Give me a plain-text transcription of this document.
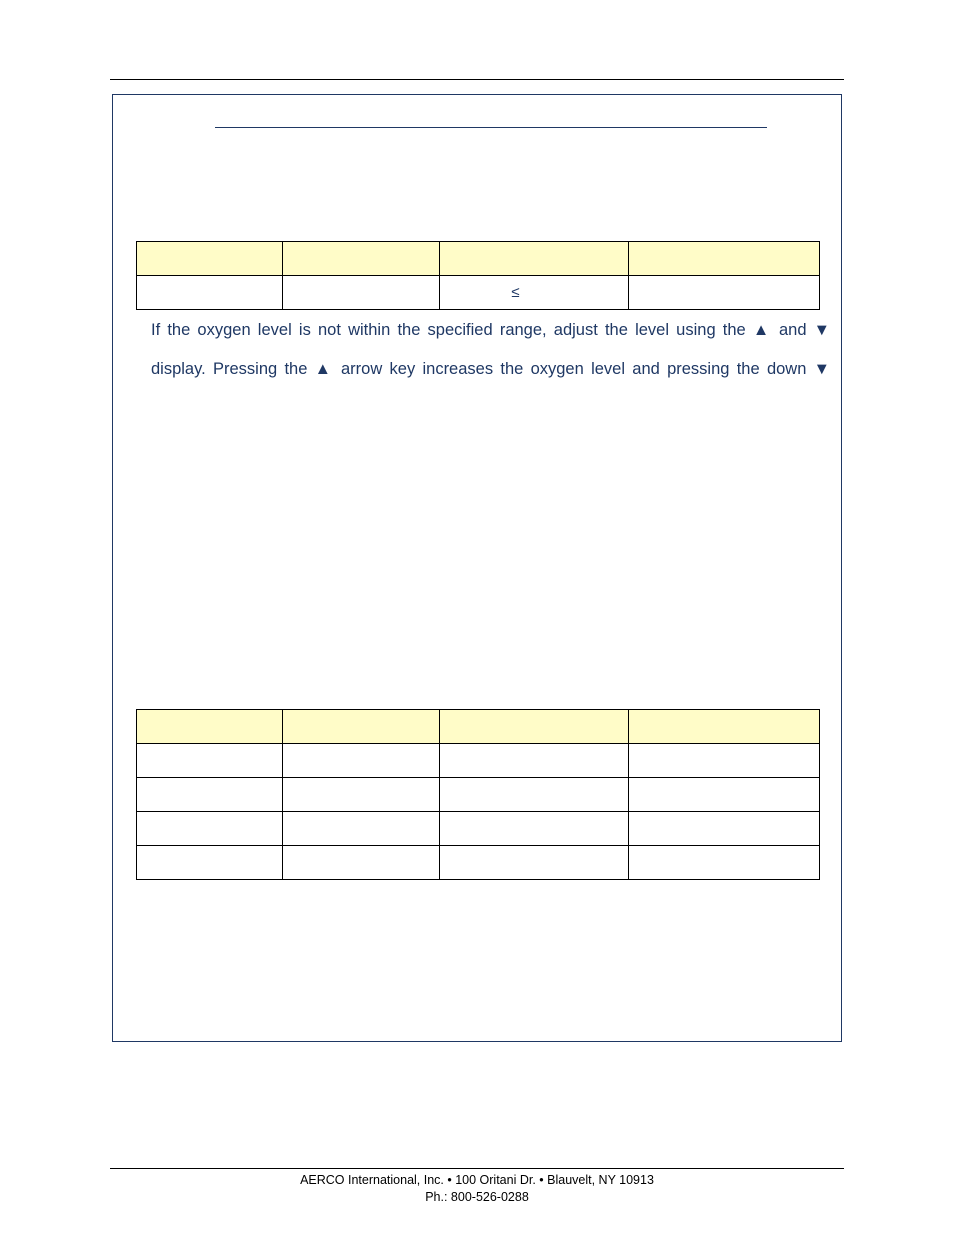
		≤	
If the oxygen level is not within the specified range, adjust the level using the ▲ and ▼
display. Pressing the ▲ arrow key increases the oxygen level and pressing the down ▼

AERCO International, Inc. • 100 Oritani Dr. • Blauvelt, NY 10913
Ph.: 800-526-0288
